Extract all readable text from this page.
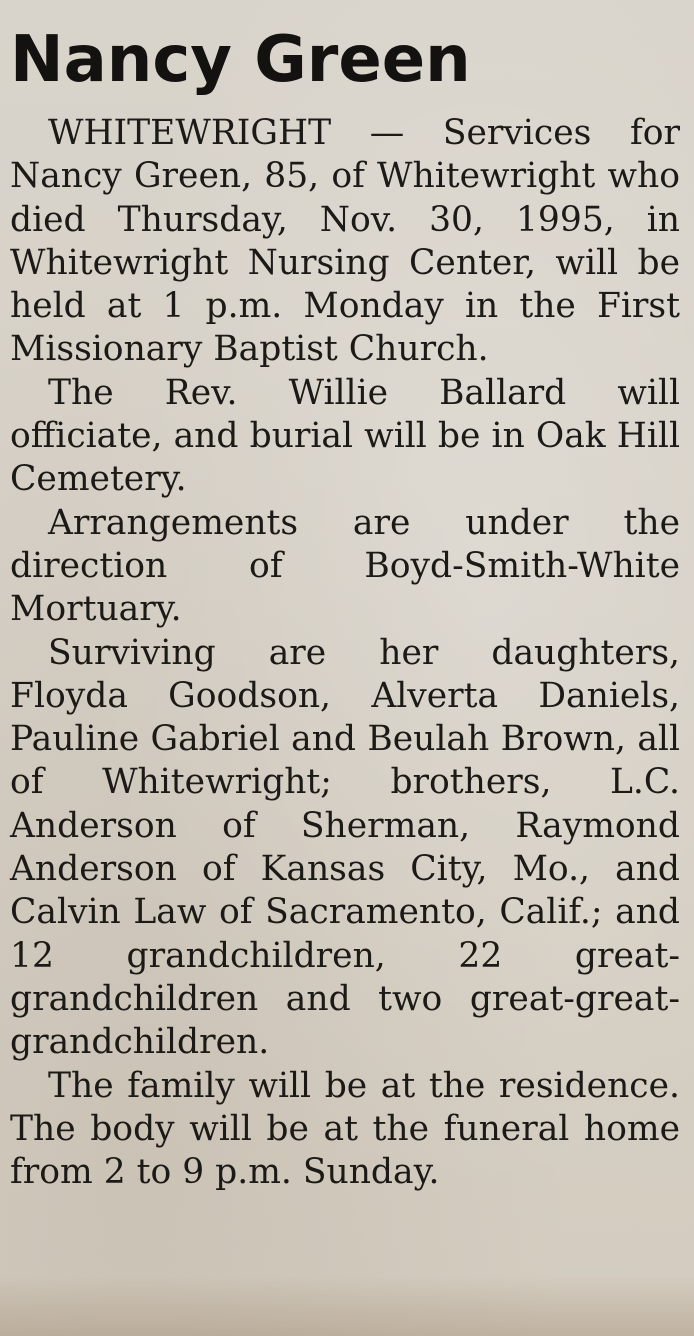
Nancy Green

WHITEWRIGHT — Services for Nancy Green, 85, of Whitewright who died Thursday, Nov. 30, 1995, in Whitewright Nursing Center, will be held at 1 p.m. Monday in the First Missionary Baptist Church.

The Rev. Willie Ballard will officiate, and burial will be in Oak Hill Cemetery.

Arrangements are under the direction of Boyd-Smith-White Mortuary.

Surviving are her daughters, Floyda Goodson, Alverta Daniels, Pauline Gabriel and Beulah Brown, all of Whitewright; brothers, L.C. Anderson of Sherman, Raymond Anderson of Kansas City, Mo., and Calvin Law of Sacramento, Calif.; and 12 grandchildren, 22 great-grandchildren and two great-great-grandchildren.

The family will be at the residence. The body will be at the funeral home from 2 to 9 p.m. Sunday.
